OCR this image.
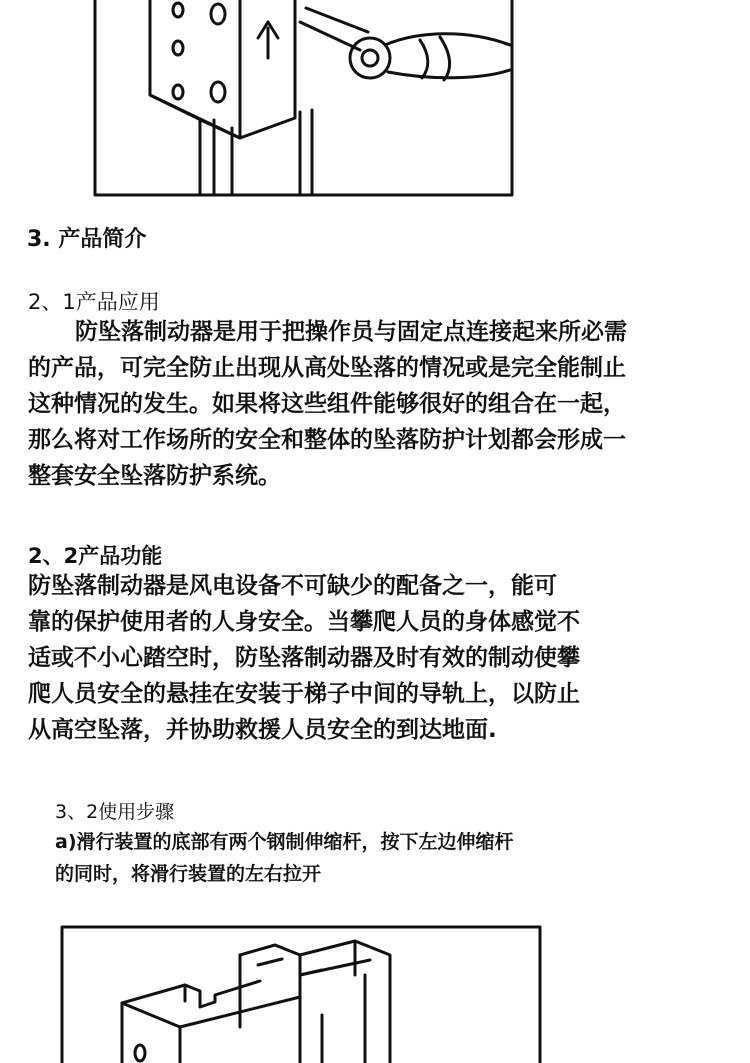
3. 产品简介
2、1产品应用
防坠落制动器是用于把操作员与固定点连接起来所必需
的产品，可完全防止出现从高处坠落的情况或是完全能制止
这种情况的发生。如果将这些组件能够很好的组合在一起，
那么将对工作场所的安全和整体的坠落防护计划都会形成一
整套安全坠落防护系统。
2、2产品功能
防坠落制动器是风电设备不可缺少的配备之一，能可
靠的保护使用者的人身安全。当攀爬人员的身体感觉不
适或不小心踏空时，防坠落制动器及时有效的制动使攀
爬人员安全的悬挂在安装于梯子中间的导轨上，以防止
从高空坠落，并协助救援人员安全的到达地面.
3、2使用步骤
a)滑行装置的底部有两个钢制伸缩杆，按下左边伸缩杆
的同时，将滑行装置的左右拉开
